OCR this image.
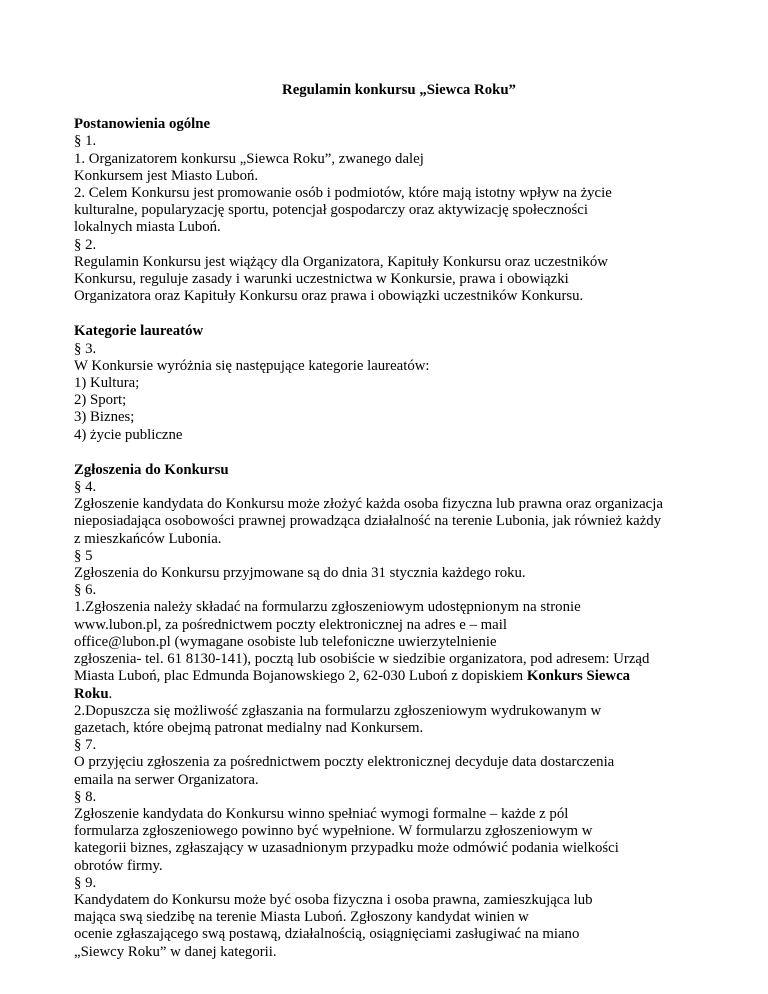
Regulamin konkursu „Siewca Roku”
Postanowienia ogólne
§ 1.
1. Organizatorem konkursu „Siewca Roku”, zwanego dalej
Konkursem jest Miasto Luboń.
2. Celem Konkursu jest promowanie osób i podmiotów, które mają istotny wpływ na życie
kulturalne, popularyzację sportu, potencjał gospodarczy oraz aktywizację społeczności
lokalnych miasta Luboń.
§ 2.
Regulamin Konkursu jest wiążący dla Organizatora, Kapituły Konkursu oraz uczestników
Konkursu, reguluje zasady i warunki uczestnictwa w Konkursie, prawa i obowiązki
Organizatora oraz Kapituły Konkursu oraz prawa i obowiązki uczestników Konkursu.
Kategorie laureatów
§ 3.
W Konkursie wyróżnia się następujące kategorie laureatów:
1) Kultura;
2) Sport;
3) Biznes;
4) życie publiczne
Zgłoszenia do Konkursu
§ 4.
Zgłoszenie kandydata do Konkursu może złożyć każda osoba fizyczna lub prawna oraz organizacja
nieposiadająca osobowości prawnej prowadząca działalność na terenie Lubonia, jak również każdy
z mieszkańców Lubonia.
§ 5
Zgłoszenia do Konkursu przyjmowane są do dnia 31 stycznia każdego roku.
§ 6.
1.Zgłoszenia należy składać na formularzu zgłoszeniowym udostępnionym na stronie
www.lubon.pl, za pośrednictwem poczty elektronicznej na adres e – mail
office@lubon.pl (wymagane osobiste lub telefoniczne uwierzytelnienie
zgłoszenia- tel. 61 8130-141), pocztą lub osobiście w siedzibie organizatora, pod adresem: Urząd
Miasta Luboń, plac Edmunda Bojanowskiego 2, 62-030 Luboń z dopiskiem Konkurs Siewca
Roku.
2.Dopuszcza się możliwość zgłaszania na formularzu zgłoszeniowym wydrukowanym w
gazetach, które obejmą patronat medialny nad Konkursem.
§ 7.
O przyjęciu zgłoszenia za pośrednictwem poczty elektronicznej decyduje data dostarczenia
emaila na serwer Organizatora.
§ 8.
Zgłoszenie kandydata do Konkursu winno spełniać wymogi formalne – każde z pól
formularza zgłoszeniowego powinno być wypełnione. W formularzu zgłoszeniowym w
kategorii biznes, zgłaszający w uzasadnionym przypadku może odmówić podania wielkości
obrotów firmy.
§ 9.
Kandydatem do Konkursu może być osoba fizyczna i osoba prawna, zamieszkująca lub
mająca swą siedzibę na terenie Miasta Luboń. Zgłoszony kandydat winien w
ocenie zgłaszającego swą postawą, działalnością, osiągnięciami zasługiwać na miano
„Siewcy Roku” w danej kategorii.
